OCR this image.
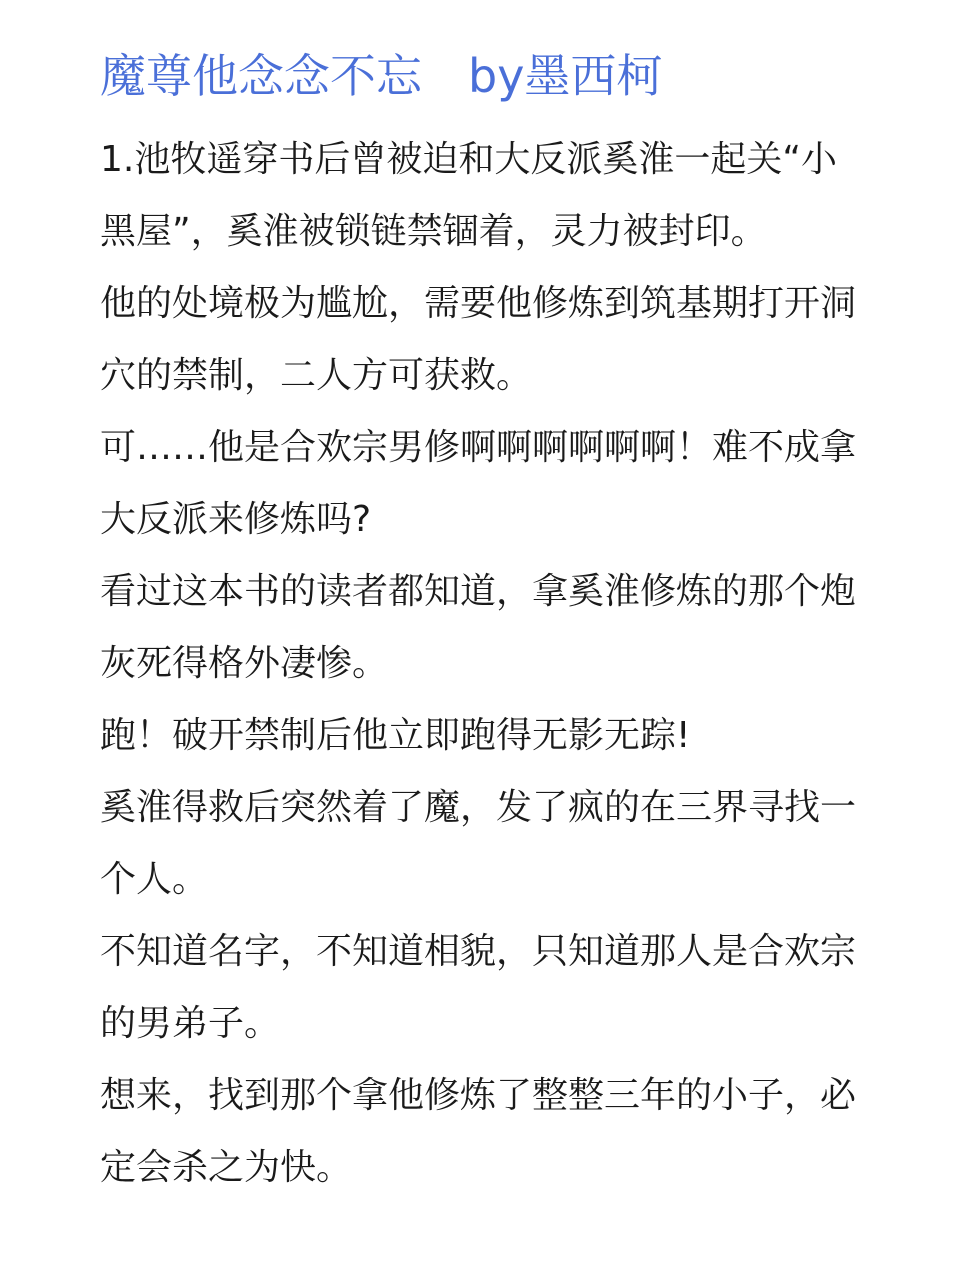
魔尊他念念不忘 by墨西柯

1.池牧遥穿书后曾被迫和大反派奚淮一起关“小黑屋”，奚淮被锁链禁锢着，灵力被封印。

他的处境极为尴尬，需要他修炼到筑基期打开洞穴的禁制，二人方可获救。

可……他是合欢宗男修啊啊啊啊啊啊！难不成拿大反派来修炼吗?

看过这本书的读者都知道，拿奚淮修炼的那个炮灰死得格外凄惨。

跑！破开禁制后他立即跑得无影无踪!

奚淮得救后突然着了魔，发了疯的在三界寻找一个人。

不知道名字，不知道相貌，只知道那人是合欢宗的男弟子。

想来，找到那个拿他修炼了整整三年的小子，必定会杀之为快。
